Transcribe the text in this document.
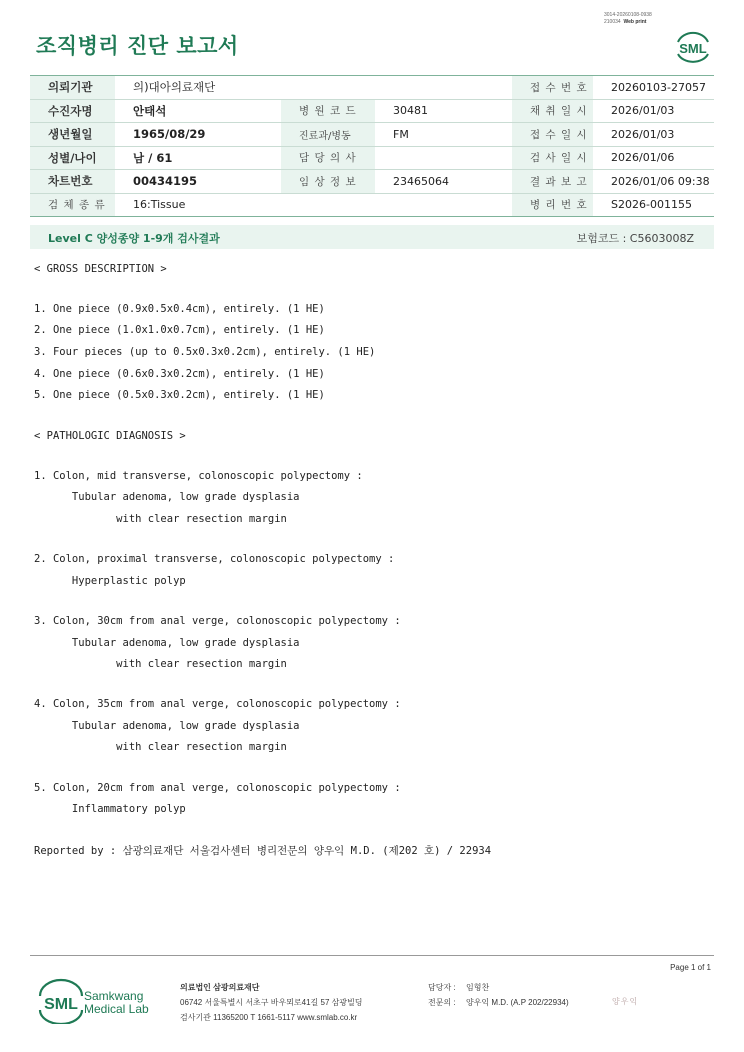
3014-20260108-0938
210034 Web print
조직병리 진단 보고서	SML
의뢰기관	의)대아의료재단			접 수 번 호	20260103-27057
수진자명	안태석	병 원 코 드	30481	채 취 일 시	2026/01/03
생년월일	1965/08/29	진료과/병동	FM	접 수 일 시	2026/01/03
성별/나이	남 / 61	담 당 의 사		검 사 일 시	2026/01/06
차트번호	00434195	임 상 정 보	23465064	결 과 보 고	2026/01/06 09:38
검 체 종 류	16:Tissue			병 리 번 호	S2026-001155
Level C 양성종양 1-9개 검사결과	보험코드 : C5603008Z
< GROSS DESCRIPTION >
1. One piece (0.9x0.5x0.4cm), entirely. (1 HE)
2. One piece (1.0x1.0x0.7cm), entirely. (1 HE)
3. Four pieces (up to 0.5x0.3x0.2cm), entirely. (1 HE)
4. One piece (0.6x0.3x0.2cm), entirely. (1 HE)
5. One piece (0.5x0.3x0.2cm), entirely. (1 HE)
< PATHOLOGIC DIAGNOSIS >
1. Colon, mid transverse, colonoscopic polypectomy :
Tubular adenoma, low grade dysplasia
with clear resection margin
2. Colon, proximal transverse, colonoscopic polypectomy :
Hyperplastic polyp
3. Colon, 30cm from anal verge, colonoscopic polypectomy :
Tubular adenoma, low grade dysplasia
with clear resection margin
4. Colon, 35cm from anal verge, colonoscopic polypectomy :
Tubular adenoma, low grade dysplasia
with clear resection margin
5. Colon, 20cm from anal verge, colonoscopic polypectomy :
Inflammatory polyp
Reported by : 삼광의료재단 서울검사센터 병리전문의 양우익 M.D. (제202 호) / 22934
Page 1 of 1
SML Samkwang
Medical Lab
의료법인 삼광의료재단
06742 서울특별시 서초구 바우뫼로41길 57 삼광빌딩
검사기관 11365200 T 1661-5117 www.smlab.co.kr
담당자 : 임형찬
전문의 : 양우익 M.D. (A.P 202/22934)	양우익
